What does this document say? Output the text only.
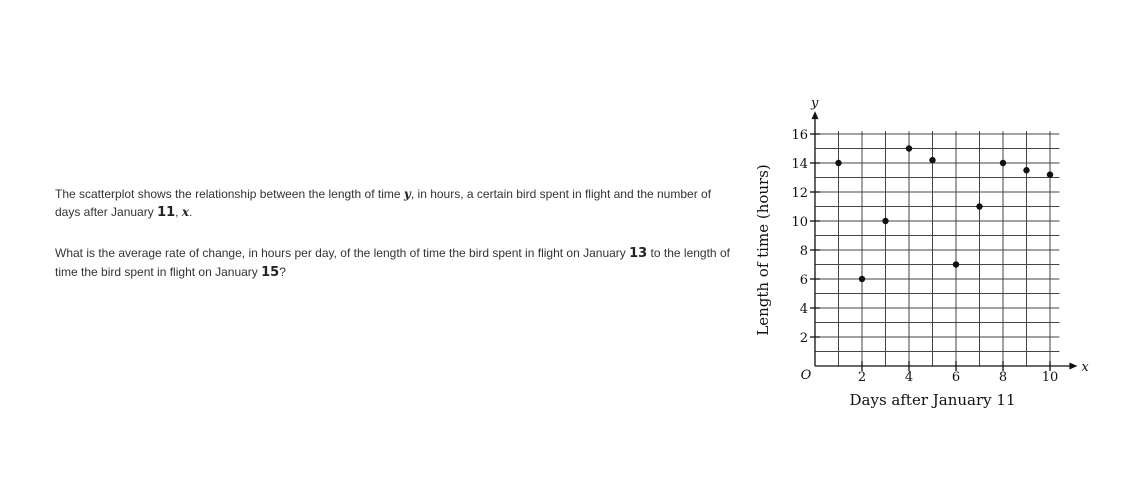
The scatterplot shows the relationship between the length of time y, in hours, a certain bird spent in flight and the number of days after January 11, x.

What is the average rate of change, in hours per day, of the length of time the bird spent in flight on January 13 to the length of time the bird spent in flight on January 15?

x
y
O
2
4
6
8
10
12
14
16
2	4	6	8	10
Days after January 11
Length of time (hours)
